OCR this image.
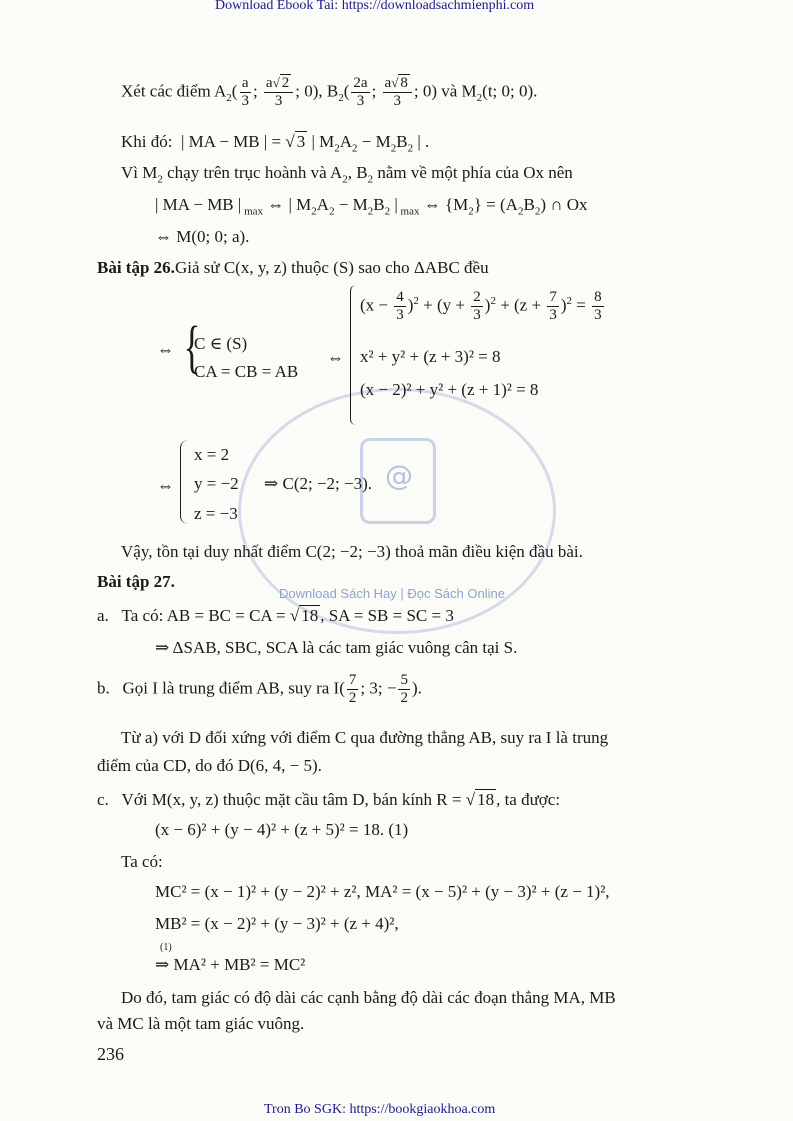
Download Ebook Tai: https://downloadsachmienphi.com
Tron Bo SGK: https://bookgiaokhoa.com
@
Download Sách Hay | Đọc Sách Online
Xét các điểm $A_2( \frac{a}{3}$ ; $\frac{a√ 2}{3}$ ; 0), $B_2( \frac{2a}{3}$ ; $\frac{a√ 8}{3}$ ; 0) và $M_2(t$; 0; 0).
Khi đó:  | MA − MB | = √ 3 | $M_2A_2 - M_2B_2$ | .
Vì $M_2$ chạy trên trục hoành và $A_2$, $B_2$ nằm về một phía của Ox nên
| MA − MB | $_{max}$ ⇔ | $M_2A_2 - M_2B_2$ | $_{max}$ ⇔ $\{M_2\} = (A_2B_2)$ ∩ Ox
⇔ M(0; 0; a).
Bài tập 26.Giả sử C(x, y, z) thuộc (S) sao cho ΔABC đều
⇔ {
C ∈ (S)
CA = CB = AB
⇔
$(x - \frac{4}{3} )^2 + (y + \frac{2}{3} )^2 + (z + \frac{7}{3} )^2 = \frac{8}{3}$
x² + y² + (z + 3)² = 8
(x − 2)² + y² + (z + 1)² = 8
⇔
x = 2
y = −2
z = −3
⇒ C(2; −2; −3).
Vậy, tồn tại duy nhất điểm C(2; −2; −3) thoả mãn điều kiện đầu bài.
Bài tập 27.
a. Ta có: AB = BC = CA = √ 18 , SA = SB = SC = 3
⇒ ΔSAB, SBC, SCA là các tam giác vuông cân tại S.
b. Gọi I là trung điểm AB, suy ra $I( \frac{7}{2}$ ; 3; − $\frac{5}{2}$ ).
Từ a) với D đối xứng với điểm C qua đường thẳng AB, suy ra I là trung
điểm của CD, do đó D(6, 4, − 5).
c. Với M(x, y, z) thuộc mặt cầu tâm D, bán kính R = √ 18 , ta được:
(x − 6)² + (y − 4)² + (z + 5)² = 18. (1)
Ta có:
MC² = (x − 1)² + (y − 2)² + z², MA² = (x − 5)² + (y − 3)² + (z − 1)²,
MB² = (x − 2)² + (y − 3)² + (z + 4)²,
(1)
⇒ MA² + MB² = MC²
Do đó, tam giác có độ dài các cạnh bằng độ dài các đoạn thẳng MA, MB
và MC là một tam giác vuông.
236
